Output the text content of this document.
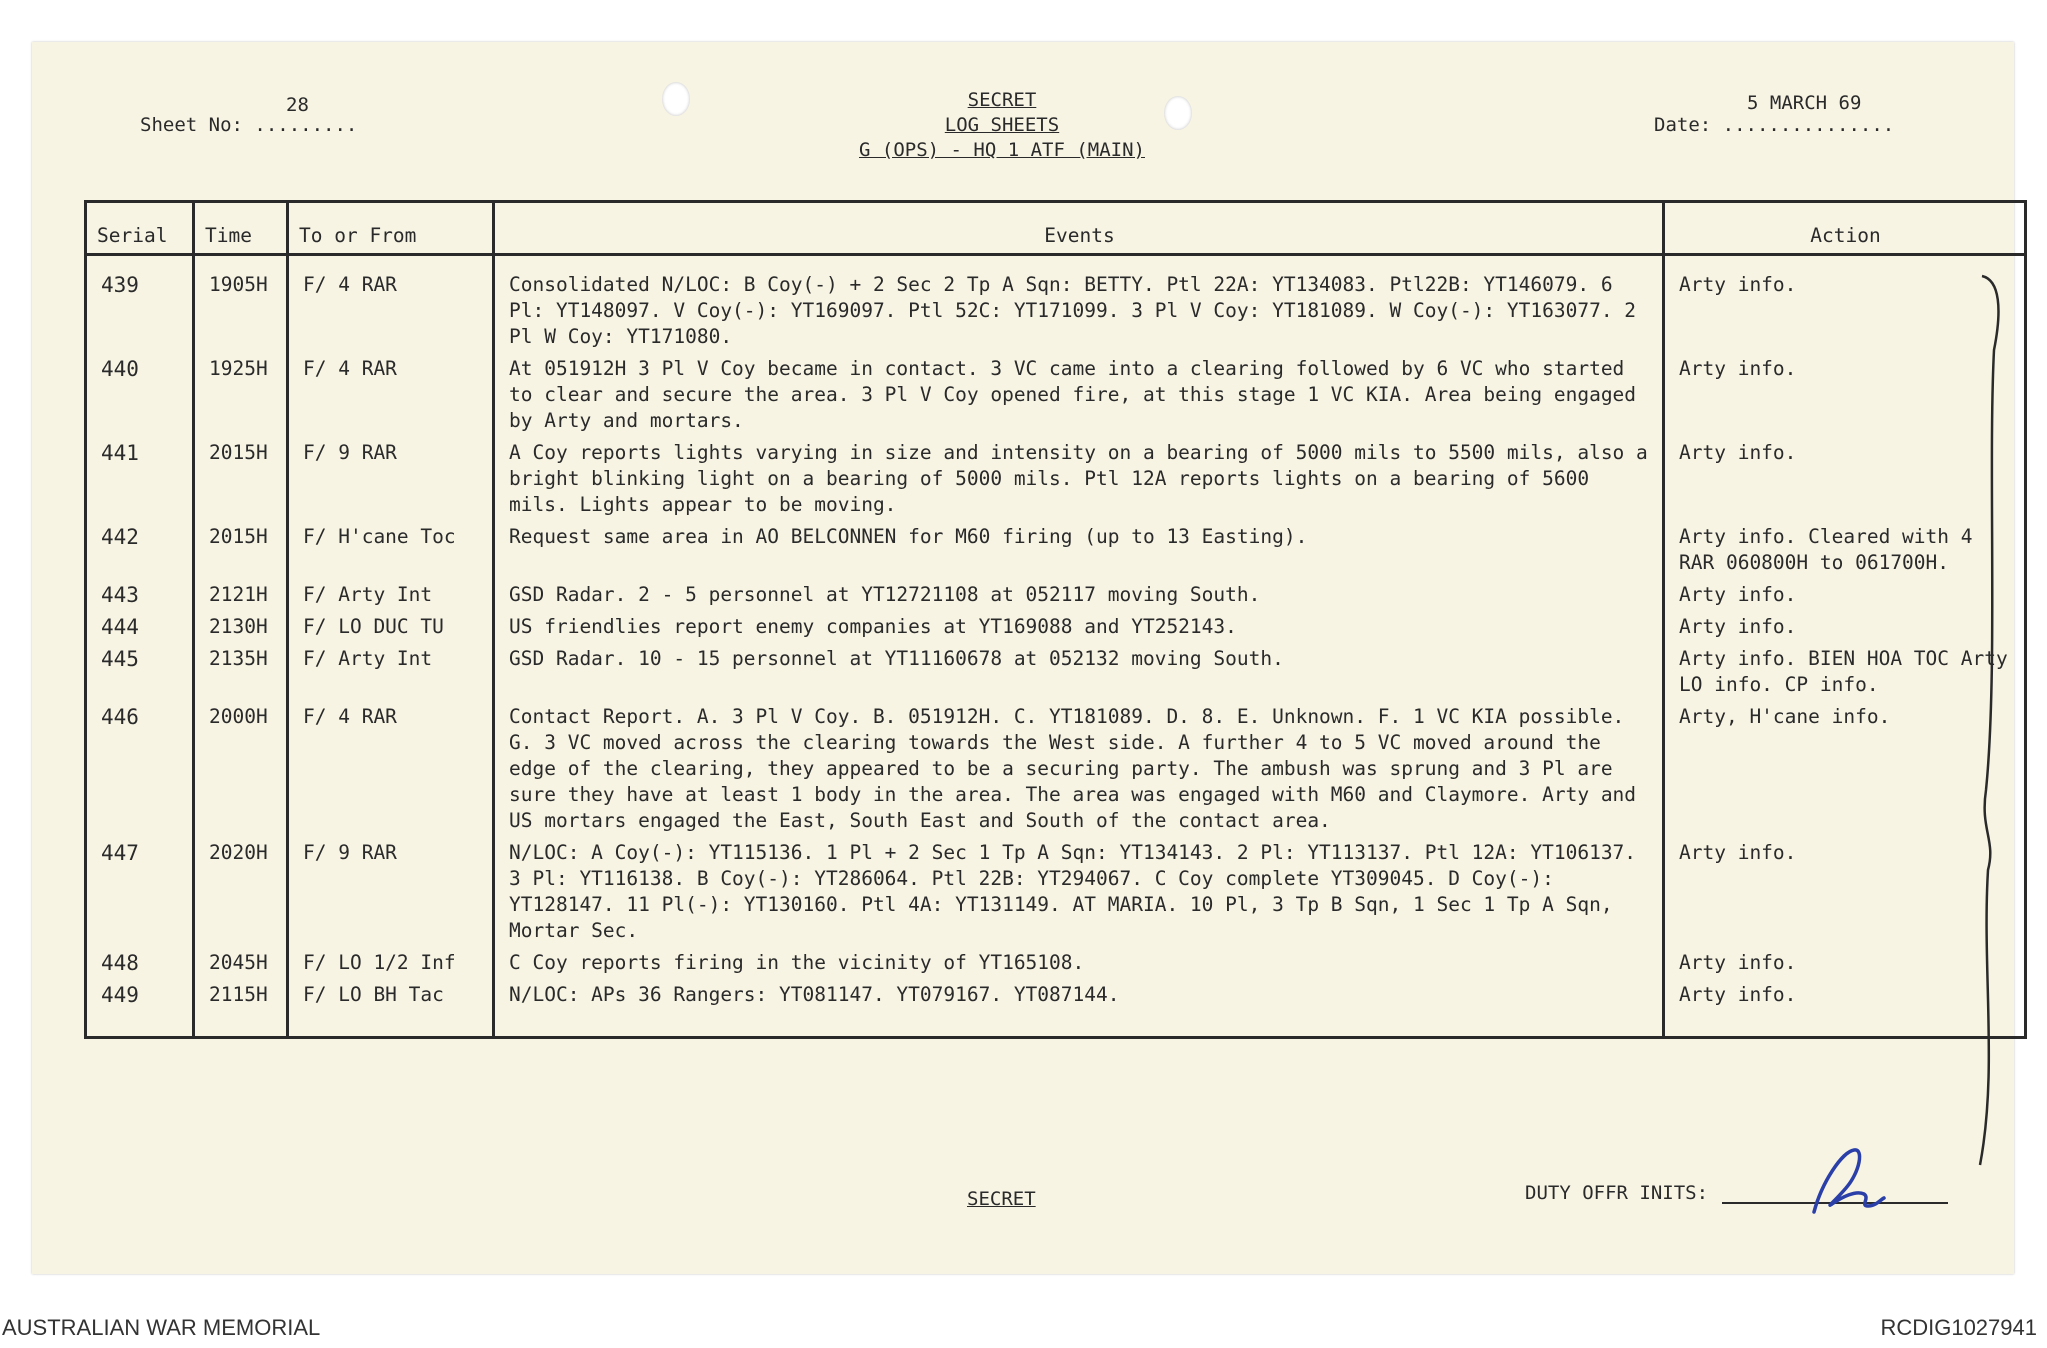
Sheet No: .........
28	SECRET
LOG SHEETS
G (OPS) - HQ 1 ATF (MAIN)
5 MARCH 69
Date: ...............
Serial	Time	To or From	Events	Action
439	1905H	F/ 4 RAR	Consolidated N/LOC: B Coy(-) + 2 Sec 2 Tp A Sqn: BETTY. Ptl 22A: YT134083. Ptl22B: YT146079. 6 Pl: YT148097. V Coy(-): YT169097. Ptl 52C: YT171099. 3 Pl V Coy: YT181089. W Coy(-): YT163077. 2 Pl W Coy: YT171080.	Arty info.
440	1925H	F/ 4 RAR	At 051912H 3 Pl V Coy became in contact. 3 VC came into a clearing followed by 6 VC who started to clear and secure the area. 3 Pl V Coy opened fire, at this stage 1 VC KIA. Area being engaged by Arty and mortars.	Arty info.
441	2015H	F/ 9 RAR	A Coy reports lights varying in size and intensity on a bearing of 5000 mils to 5500 mils, also a bright blinking light on a bearing of 5000 mils. Ptl 12A reports lights on a bearing of 5600 mils. Lights appear to be moving.	Arty info.
442	2015H	F/ H'cane Toc	Request same area in AO BELCONNEN for M60 firing (up to 13 Easting).	Arty info. Cleared with 4 RAR 060800H to 061700H.
443	2121H	F/ Arty Int	GSD Radar. 2 - 5 personnel at YT12721108 at 052117 moving South.	Arty info.
444	2130H	F/ LO DUC TU	US friendlies report enemy companies at YT169088 and YT252143.	Arty info.
445	2135H	F/ Arty Int	GSD Radar. 10 - 15 personnel at YT11160678 at 052132 moving South.	Arty info. BIEN HOA TOC Arty LO info. CP info.
446	2000H	F/ 4 RAR	Contact Report. A. 3 Pl V Coy. B. 051912H. C. YT181089. D. 8. E. Unknown. F. 1 VC KIA possible. G. 3 VC moved across the clearing towards the West side. A further 4 to 5 VC moved around the edge of the clearing, they appeared to be a securing party. The ambush was sprung and 3 Pl are sure they have at least 1 body in the area. The area was engaged with M60 and Claymore. Arty and US mortars engaged the East, South East and South of the contact area.	Arty, H'cane info.
447	2020H	F/ 9 RAR	N/LOC: A Coy(-): YT115136. 1 Pl + 2 Sec 1 Tp A Sqn: YT134143. 2 Pl: YT113137. Ptl 12A: YT106137. 3 Pl: YT116138. B Coy(-): YT286064. Ptl 22B: YT294067. C Coy complete YT309045. D Coy(-): YT128147. 11 Pl(-): YT130160. Ptl 4A: YT131149. AT MARIA. 10 Pl, 3 Tp B Sqn, 1 Sec 1 Tp A Sqn, Mortar Sec.	Arty info.
448	2045H	F/ LO 1/2 Inf	C Coy reports firing in the vicinity of YT165108.	Arty info.
449	2115H	F/ LO BH Tac	N/LOC: APs 36 Rangers: YT081147. YT079167. YT087144.	Arty info.
SECRET	DUTY OFFR INITS:
AUSTRALIAN WAR MEMORIAL	RCDIG1027941
